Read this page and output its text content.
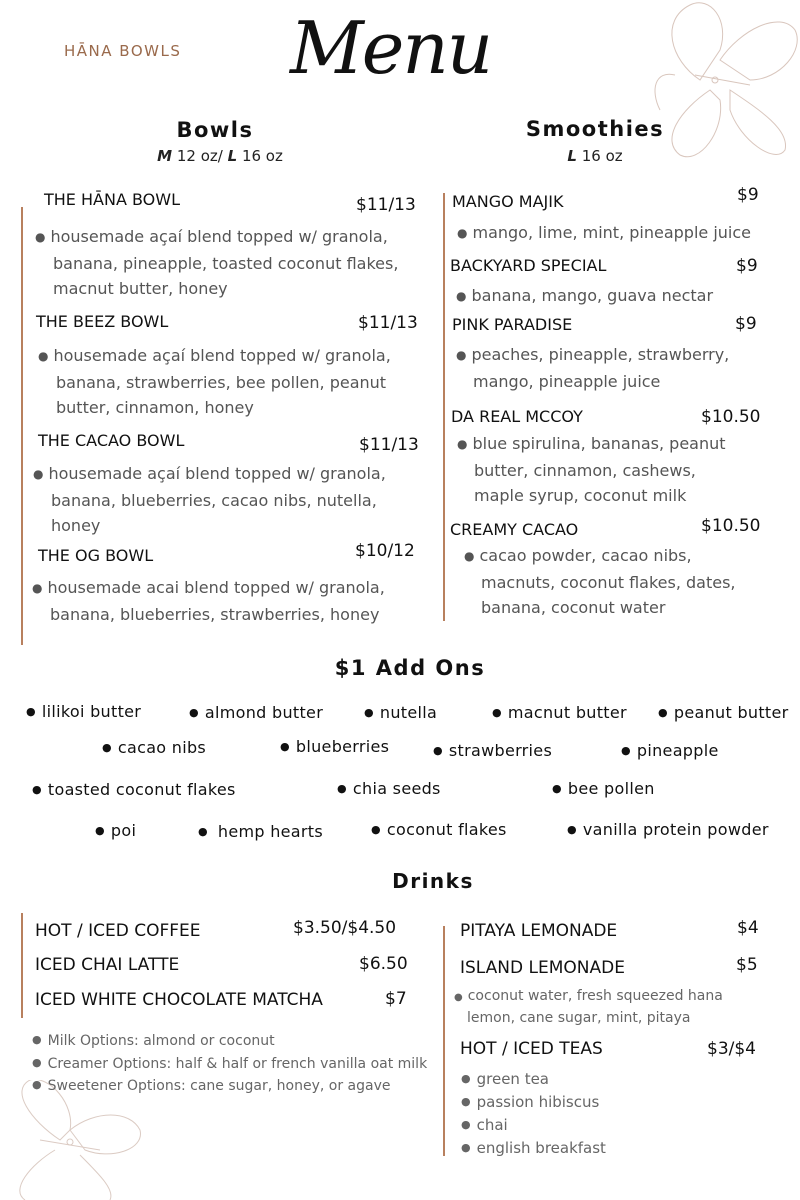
HĀNA BOWLS Menu
Bowls
M 12 oz/ L 16 oz
Smoothies
L 16 oz
THE HĀNA BOWL	$11/13
● housemade açaí blend topped w/ granola,
banana, pineapple, toasted coconut flakes,
macnut butter, honey
THE BEEZ BOWL	$11/13
● housemade açaí blend topped w/ granola,
banana, strawberries, bee pollen, peanut
butter, cinnamon, honey
THE CACAO BOWL	$11/13
● housemade açaí blend topped w/ granola,
banana, blueberries, cacao nibs, nutella,
honey
THE OG BOWL	$10/12
● housemade acai blend topped w/ granola,
banana, blueberries, strawberries, honey
MANGO MAJIK	$9
● mango, lime, mint, pineapple juice
BACKYARD SPECIAL	$9
● banana, mango, guava nectar
PINK PARADISE	$9
● peaches, pineapple, strawberry,
mango, pineapple juice
DA REAL MCCOY	$10.50
● blue spirulina, bananas, peanut
butter, cinnamon, cashews,
maple syrup, coconut milk
CREAMY CACAO	$10.50
● cacao powder, cacao nibs,
macnuts, coconut flakes, dates,
banana, coconut water
$1 Add Ons
● lilikoi butter	● almond butter	● nutella	● macnut butter	● peanut butter
● cacao nibs	● blueberries	● strawberries	● pineapple
● toasted coconut flakes	● chia seeds	● bee pollen
● poi	● hemp hearts	● coconut flakes	● vanilla protein powder
Drinks
HOT / ICED COFFEE	$3.50/$4.50
ICED CHAI LATTE	$6.50
ICED WHITE CHOCOLATE MATCHA	$7
● Milk Options: almond or coconut
● Creamer Options: half & half or french vanilla oat milk
● Sweetener Options: cane sugar, honey, or agave
PITAYA LEMONADE	$4
ISLAND LEMONADE	$5
● coconut water, fresh squeezed hana
lemon, cane sugar, mint, pitaya
HOT / ICED TEAS	$3/$4
● green tea
● passion hibiscus
● chai
● english breakfast
